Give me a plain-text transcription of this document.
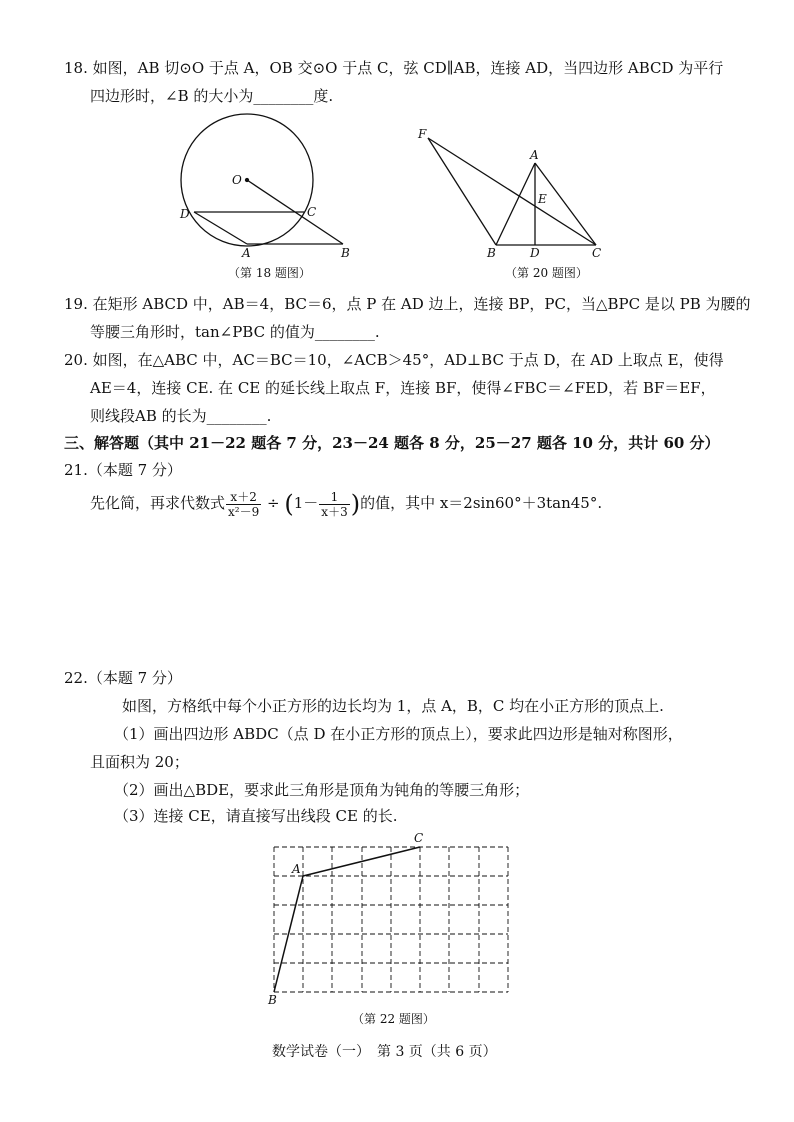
18. 如图，AB 切⊙O 于点 A，OB 交⊙O 于点 C，弦 CD∥AB，连接 AD，当四边形 ABCD 为平行
四边形时，∠B 的大小为________度.
O
D	C
A	B
F
A
E
B	D	C
C
A
B
（第 18 题图）	（第 20 题图）
19. 在矩形 ABCD 中，AB＝4，BC＝6，点 P 在 AD 边上，连接 BP，PC，当△BPC 是以 PB 为腰的
等腰三角形时，tan∠PBC 的值为________.
20. 如图，在△ABC 中，AC＝BC＝10，∠ACB＞45°，AD⊥BC 于点 D，在 AD 上取点 E，使得
AE＝4，连接 CE. 在 CE 的延长线上取点 F，连接 BF，使得∠FBC＝∠FED，若 BF＝EF，
则线段AB 的长为________.
三、解答题（其中 21－22 题各 7 分，23－24 题各 8 分，25－27 题各 10 分，共计 60 分）
21.（本题 7 分）
先化简，再求代数式 $\frac{x+2}{\text{x²－9}} \div (1- \frac{1}{x+3}$ )的值，其中 x＝2sin60°＋3tan45°.
22.（本题 7 分）
如图，方格纸中每个小正方形的边长均为 1，点 A，B，C 均在小正方形的顶点上.
（1）画出四边形 ABDC（点 D 在小正方形的顶点上），要求此四边形是轴对称图形，
且面积为 20；
（2）画出△BDE，要求此三角形是顶角为钝角的等腰三角形；
（3）连接 CE，请直接写出线段 CE 的长.
（第 22 题图）
数学试卷（一）　第 3 页（共 6 页）
